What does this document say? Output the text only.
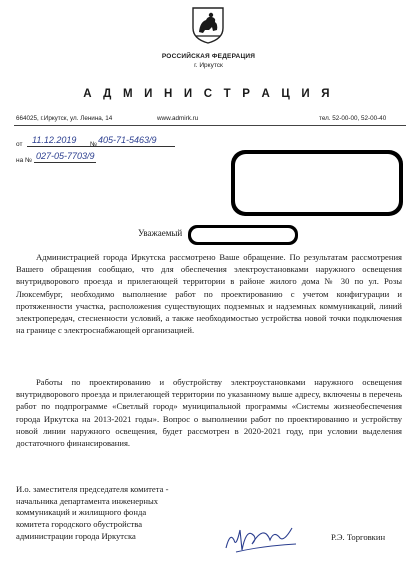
РОССИЙСКАЯ ФЕДЕРАЦИЯ
г. Иркутск
А Д М И Н И С Т Р А Ц И Я
664025, г.Иркутск, ул. Ленина, 14	www.admirk.ru	тел. 52-00-00, 52-00-40
от 11.12.2019 № 405-71-5463/9
на № 027-05-7703/9
Уважаемый
Администрацией города Иркутска рассмотрено Ваше обращение. По результатам рассмотрения Вашего обращения сообщаю, что для обеспечения электроустановками наружного освещения внутридворового проезда и прилегающей территории в районе жилого дома № 30 по ул. Розы Люксембург, необходимо выполнение работ по проектированию с учетом конфигурации и протяженности участка, расположения существующих подземных и надземных коммуникаций, линий электропередач, стесненности условий, а также необходимостью устройства новой точки подключения на границе с электроснабжающей организацией.
Работы по проектированию и обустройству электроустановками наружного освещения внутридворового проезда и прилегающей территории по указанному выше адресу, включены в перечень работ по подпрограмме «Светлый город» муниципальной программы «Системы жизнеобеспечения города Иркутска на 2013-2021 годы». Вопрос о выполнении работ по проектированию и устройству новой линии наружного освещения, будет рассмотрен в 2020-2021 году, при условии выделения достаточного финансирования.
И.о. заместителя председателя комитета -
начальника департамента инженерных
коммуникаций и жилищного фонда
комитета городского обустройства
администрации города Иркутска	Р.Э. Торговкин
